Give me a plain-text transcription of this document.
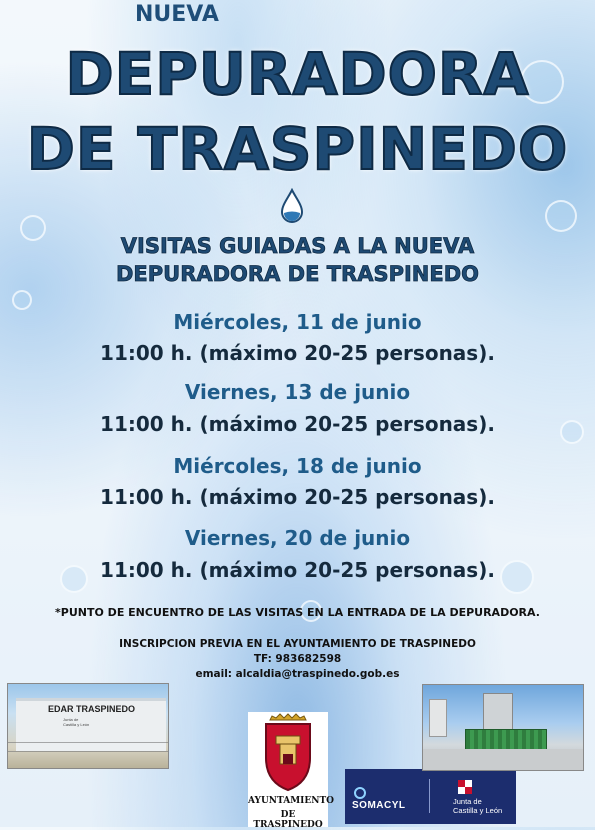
NUEVA
DEPURADORA
DE TRASPINEDO
VISITAS GUIADAS A LA NUEVA
DEPURADORA DE TRASPINEDO
Miércoles, 11 de junio
11:00 h. (máximo 20-25 personas).
Viernes, 13 de junio
11:00 h. (máximo 20-25 personas).
Miércoles, 18 de junio
11:00 h. (máximo 20-25 personas).
Viernes, 20 de junio
11:00 h. (máximo 20-25 personas).
*PUNTO DE ENCUENTRO DE LAS VISITAS EN LA ENTRADA DE LA DEPURADORA.
INSCRIPCION PREVIA EN EL AYUNTAMIENTO DE TRASPINEDO
TF: 983682598
email: alcaldia@traspinedo.gob.es
EDAR TRASPINEDO
Junta de Castilla y León
AYUNTAMIENTO
DE TRASPINEDO
SOMACYL	Junta de Castilla y León
